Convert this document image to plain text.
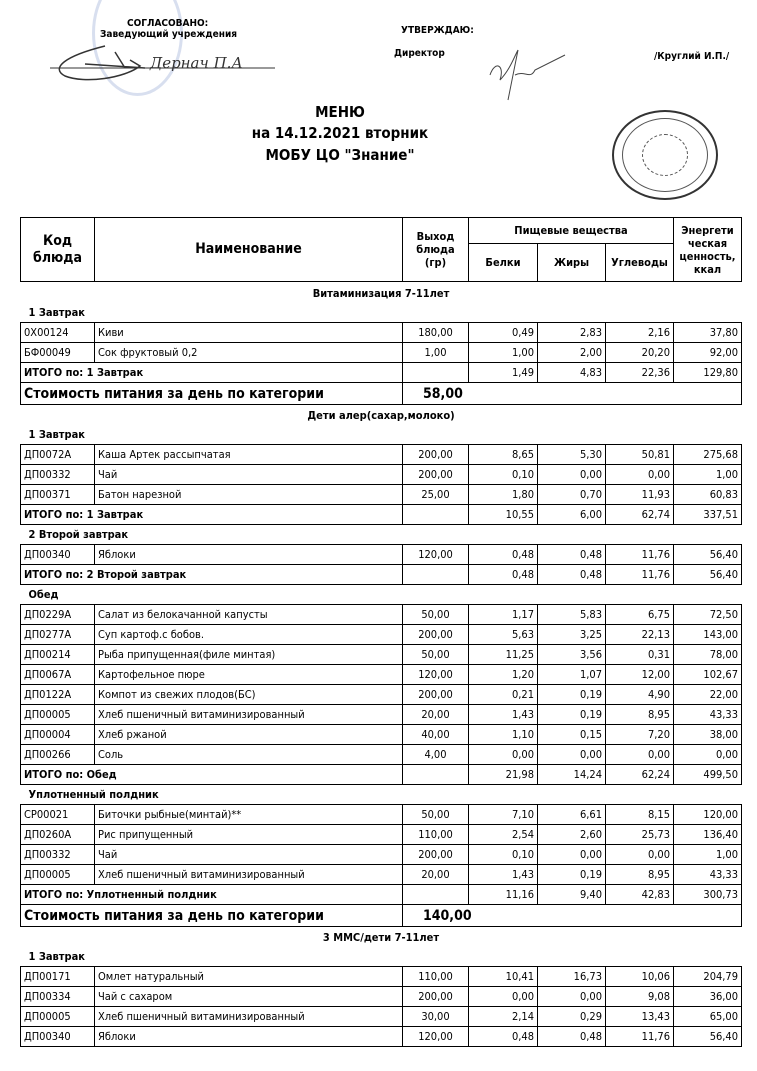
СОГЛАСОВАНО:
Заведующий учреждения
Дернач П.А
УТВЕРЖДАЮ:
Директор	/Круглий И.П./
МЕНЮ
на 14.12.2021 вторник
МОБУ ЦО "Знание"
Код блюда	Наименование	Выход блюда (гр)	Пищевые вещества			Энергети ческая ценность, ккал
			Белки	Жиры	Углеводы	
Витаминизация 7-11лет						
1 Завтрак						
0X00124	Киви	180,00	0,49	2,83	2,16	37,80
БФ00049	Сок фруктовый 0,2	1,00	1,00	2,00	20,20	92,00
ИТОГО по: 1 Завтрак			1,49	4,83	22,36	129,80
Стоимость питания за день по категории		58,00				
Дети алер(сахар,молоко)						
1 Завтрак						
ДП0072А	Каша Артек рассыпчатая	200,00	8,65	5,30	50,81	275,68
ДП00332	Чай	200,00	0,10	0,00	0,00	1,00
ДП00371	Батон нарезной	25,00	1,80	0,70	11,93	60,83
ИТОГО по: 1 Завтрак			10,55	6,00	62,74	337,51
2 Второй завтрак						
ДП00340	Яблоки	120,00	0,48	0,48	11,76	56,40
ИТОГО по: 2 Второй завтрак			0,48	0,48	11,76	56,40
Обед						
ДП0229А	Салат из белокачанной капусты	50,00	1,17	5,83	6,75	72,50
ДП0277А	Суп картоф.с бобов.	200,00	5,63	3,25	22,13	143,00
ДП00214	Рыба припущенная(филе минтая)	50,00	11,25	3,56	0,31	78,00
ДП0067А	Картофельное пюре	120,00	1,20	1,07	12,00	102,67
ДП0122А	Компот из свежих плодов(БС)	200,00	0,21	0,19	4,90	22,00
ДП00005	Хлеб пшеничный витаминизированный	20,00	1,43	0,19	8,95	43,33
ДП00004	Хлеб ржаной	40,00	1,10	0,15	7,20	38,00
ДП00266	Соль	4,00	0,00	0,00	0,00	0,00
ИТОГО по: Обед			21,98	14,24	62,24	499,50
Уплотненный полдник						
СР00021	Биточки рыбные(минтай)**	50,00	7,10	6,61	8,15	120,00
ДП0260А	Рис припущенный	110,00	2,54	2,60	25,73	136,40
ДП00332	Чай	200,00	0,10	0,00	0,00	1,00
ДП00005	Хлеб пшеничный витаминизированный	20,00	1,43	0,19	8,95	43,33
ИТОГО по: Уплотненный полдник			11,16	9,40	42,83	300,73
Стоимость питания за день по категории		140,00				
3 ММС/дети 7-11лет						
1 Завтрак						
ДП00171	Омлет натуральный	110,00	10,41	16,73	10,06	204,79
ДП00334	Чай с сахаром	200,00	0,00	0,00	9,08	36,00
ДП00005	Хлеб пшеничный витаминизированный	30,00	2,14	0,29	13,43	65,00
ДП00340	Яблоки	120,00	0,48	0,48	11,76	56,40
